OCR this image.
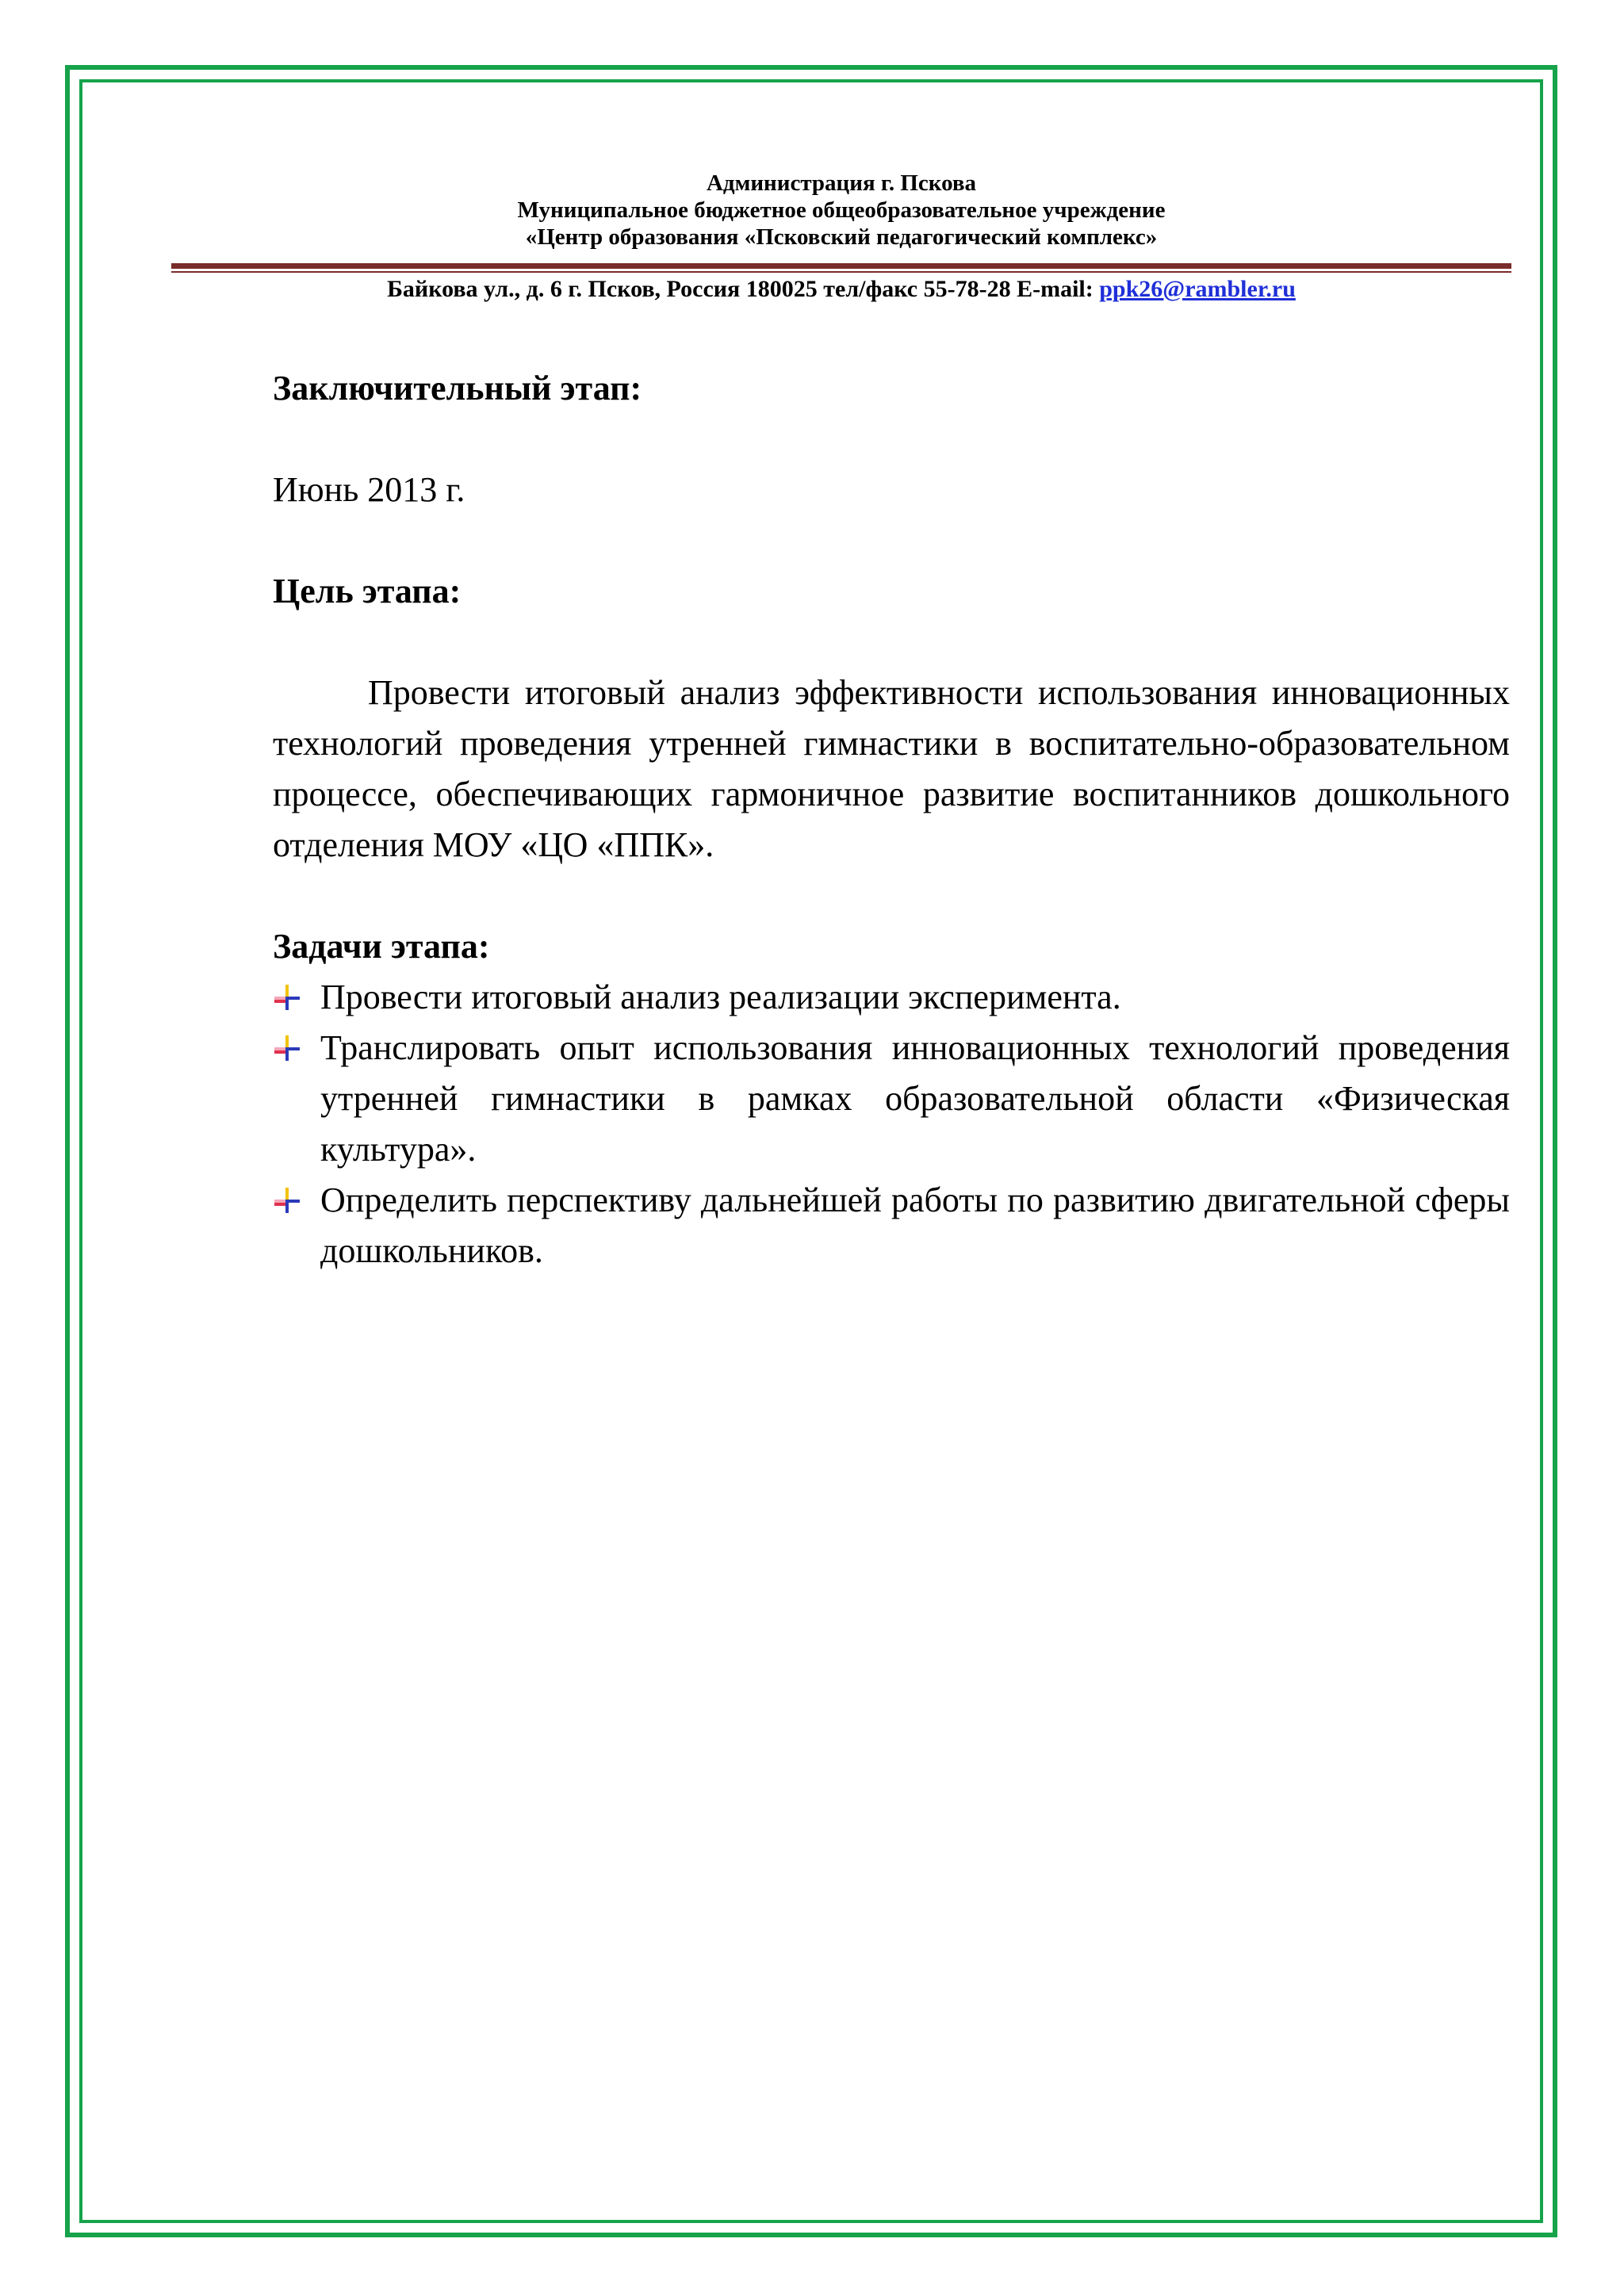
Администрация г. Пскова
Муниципальное бюджетное общеобразовательное учреждение
«Центр образования «Псковский педагогический комплекс»
Байкова ул., д. 6 г. Псков, Россия 180025 тел/факс 55-78-28 E-mail: ppk26@rambler.ru

Заключительный этап:

Июнь 2013 г.

Цель этапа:

Провести итоговый анализ эффективности использования инновационных технологий проведения утренней гимнастики в воспитательно-образовательном процессе, обеспечивающих гармоничное развитие воспитанников дошкольного отделения МОУ «ЦО «ППК».

Задачи этапа:

Провести итоговый анализ реализации эксперимента.
Транслировать опыт использования инновационных технологий проведения утренней гимнастики в рамках образовательной области «Физическая культура».
Определить перспективу дальнейшей работы по развитию двигательной сферы дошкольников.
